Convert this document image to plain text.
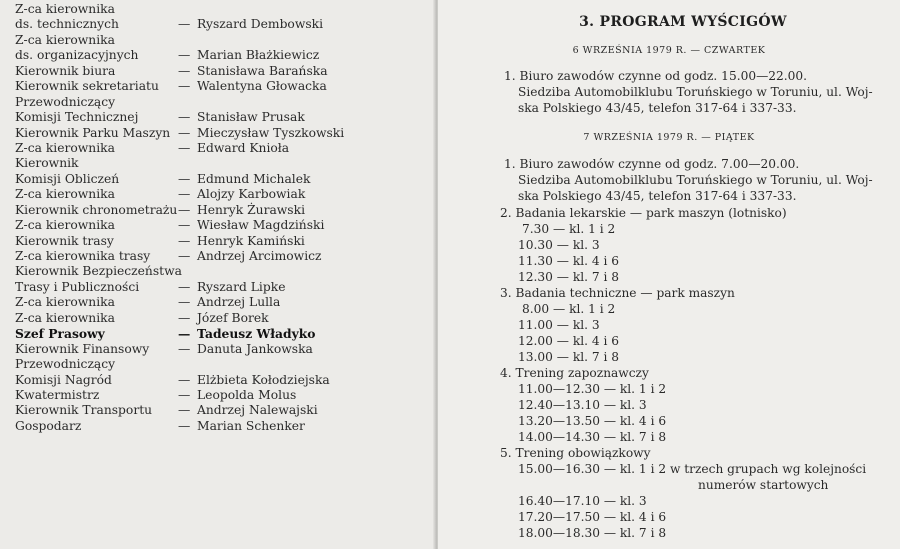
Z-ca kierownika
ds. technicznych	— Ryszard Dembowski
Z-ca kierownika
ds. organizacyjnych	— Marian Błażkiewicz
Kierownik biura	— Stanisława Barańska
Kierownik sekretariatu — Walentyna Głowacka
Przewodniczący
Komisji Technicznej	— Stanisław Prusak
Kierownik Parku Maszyn — Mieczysław Tyszkowski
Z-ca kierownika	— Edward Knioła
Kierownik
Komisji Obliczeń	— Edmund Michalek
Z-ca kierownika	— Alojzy Karbowiak
Kierownik chronometrażu — Henryk Żurawski
Z-ca kierownika	— Wiesław Magdziński
Kierownik trasy	— Henryk Kamiński
Z-ca kierownika trasy — Andrzej Arcimowicz
Kierownik Bezpieczeństwa
Trasy i Publiczności	— Ryszard Lipke
Z-ca kierownika	— Andrzej Lulla
Z-ca kierownika	— Józef Borek
Szef Prasowy	— Tadeusz Władyko
Kierownik Finansowy — Danuta Jankowska
Przewodniczący
Komisji Nagród	— Elżbieta Kołodziejska
Kwatermistrz	— Leopolda Molus
Kierownik Transportu — Andrzej Nalewajski
Gospodarz	— Marian Schenker
3. PROGRAM WYŚCIGÓW
6 WRZEŚNIA 1979 R. — CZWARTEK
1. Biuro zawodów czynne od godz. 15.00—22.00.
Siedziba Automobilklubu Toruńskiego w Toruniu, ul. Woj-
ska Polskiego 43/45, telefon 317-64 i 337-33.
7 WRZEŚNIA 1979 R. — PIĄTEK
1. Biuro zawodów czynne od godz. 7.00—20.00.
Siedziba Automobilklubu Toruńskiego w Toruniu, ul. Woj-
ska Polskiego 43/45, telefon 317-64 i 337-33.
2. Badania lekarskie — park maszyn (lotnisko)
7.30 — kl. 1 i 2
10.30 — kl. 3
11.30 — kl. 4 i 6
12.30 — kl. 7 i 8
3. Badania techniczne — park maszyn
8.00 — kl. 1 i 2
11.00 — kl. 3
12.00 — kl. 4 i 6
13.00 — kl. 7 i 8
4. Trening zapoznawczy
11.00—12.30 — kl. 1 i 2
12.40—13.10 — kl. 3
13.20—13.50 — kl. 4 i 6
14.00—14.30 — kl. 7 i 8
5. Trening obowiązkowy
15.00—16.30 — kl. 1 i 2 w trzech grupach wg kolejności
numerów startowych
16.40—17.10 — kl. 3
17.20—17.50 — kl. 4 i 6
18.00—18.30 — kl. 7 i 8
